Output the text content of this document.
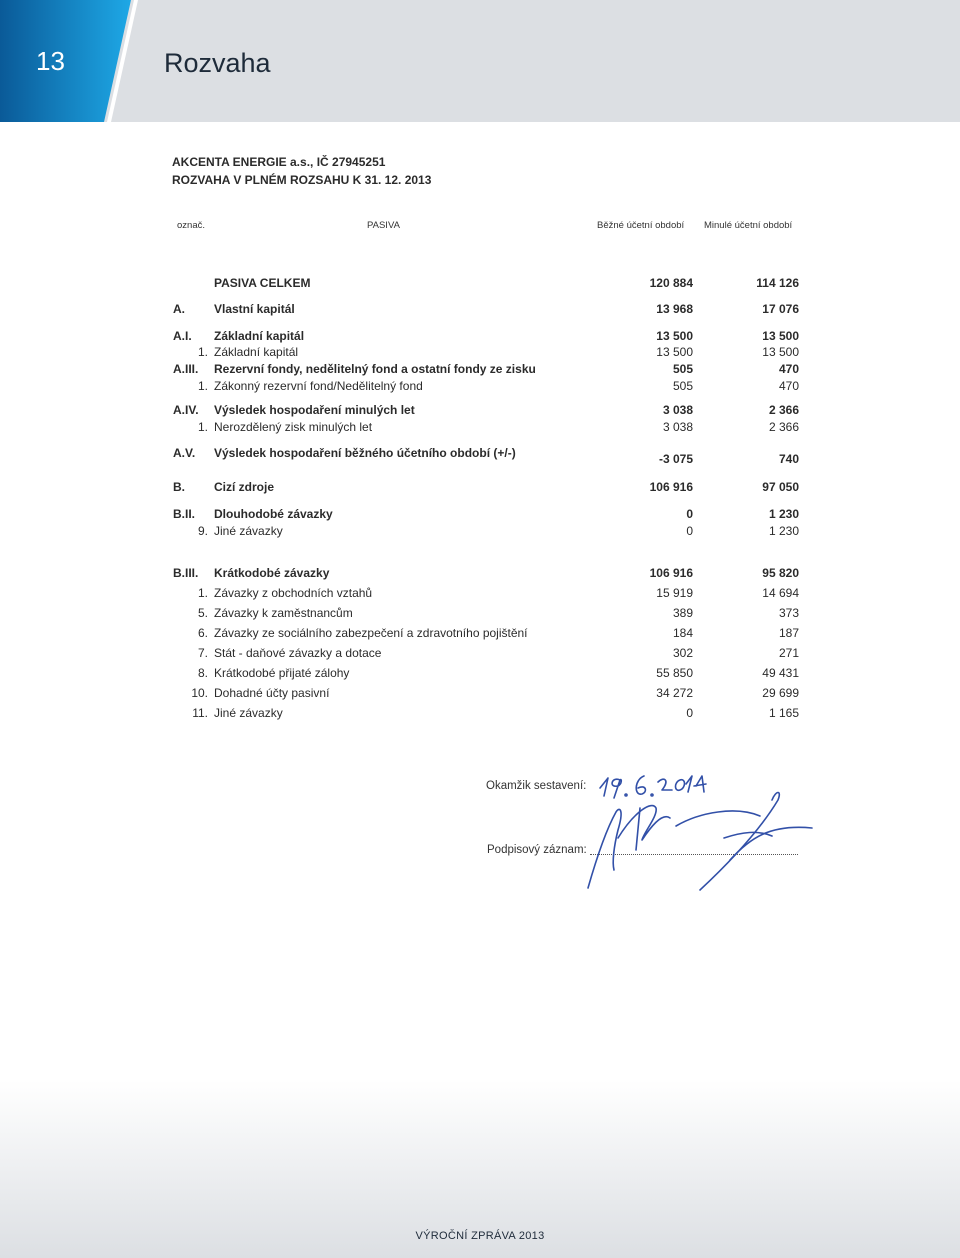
13	Rozvaha
AKCENTA ENERGIE a.s., IČ 27945251
ROZVAHA V PLNÉM ROZSAHU K 31. 12. 2013
označ.	PASIVA	Běžné účetní období Minulé účetní období
PASIVA CELKEM	120 884	114 126
A. Vlastní kapitál	13 968	17 076
A.I. Základní kapitál	13 500	13 500
1. Základní kapitál	13 500	13 500
A.III. Rezervní fondy, nedělitelný fond a ostatní fondy ze zisku	505	470
1. Zákonný rezervní fond/Nedělitelný fond	505	470
A.IV. Výsledek hospodaření minulých let	3 038	2 366
1. Nerozdělený zisk minulých let	3 038	2 366
A.V. Výsledek hospodaření běžného účetního období (+/-)	-3 075	740
B. Cizí zdroje	106 916	97 050
B.II. Dlouhodobé závazky	0	1 230
9. Jiné závazky	0	1 230
B.III. Krátkodobé závazky	106 916	95 820
1. Závazky z obchodních vztahů	15 919	14 694
5. Závazky k zaměstnancům	389	373
6. Závazky ze sociálního zabezpečení a zdravotního pojištění	184	187
7. Stát - daňové závazky a dotace	302	271
8. Krátkodobé přijaté zálohy	55 850	49 431
10. Dohadné účty pasivní	34 272	29 699
11. Jiné závazky	0	1 165
Okamžik sestavení:
Podpisový záznam:
VÝROČNÍ ZPRÁVA 2013
